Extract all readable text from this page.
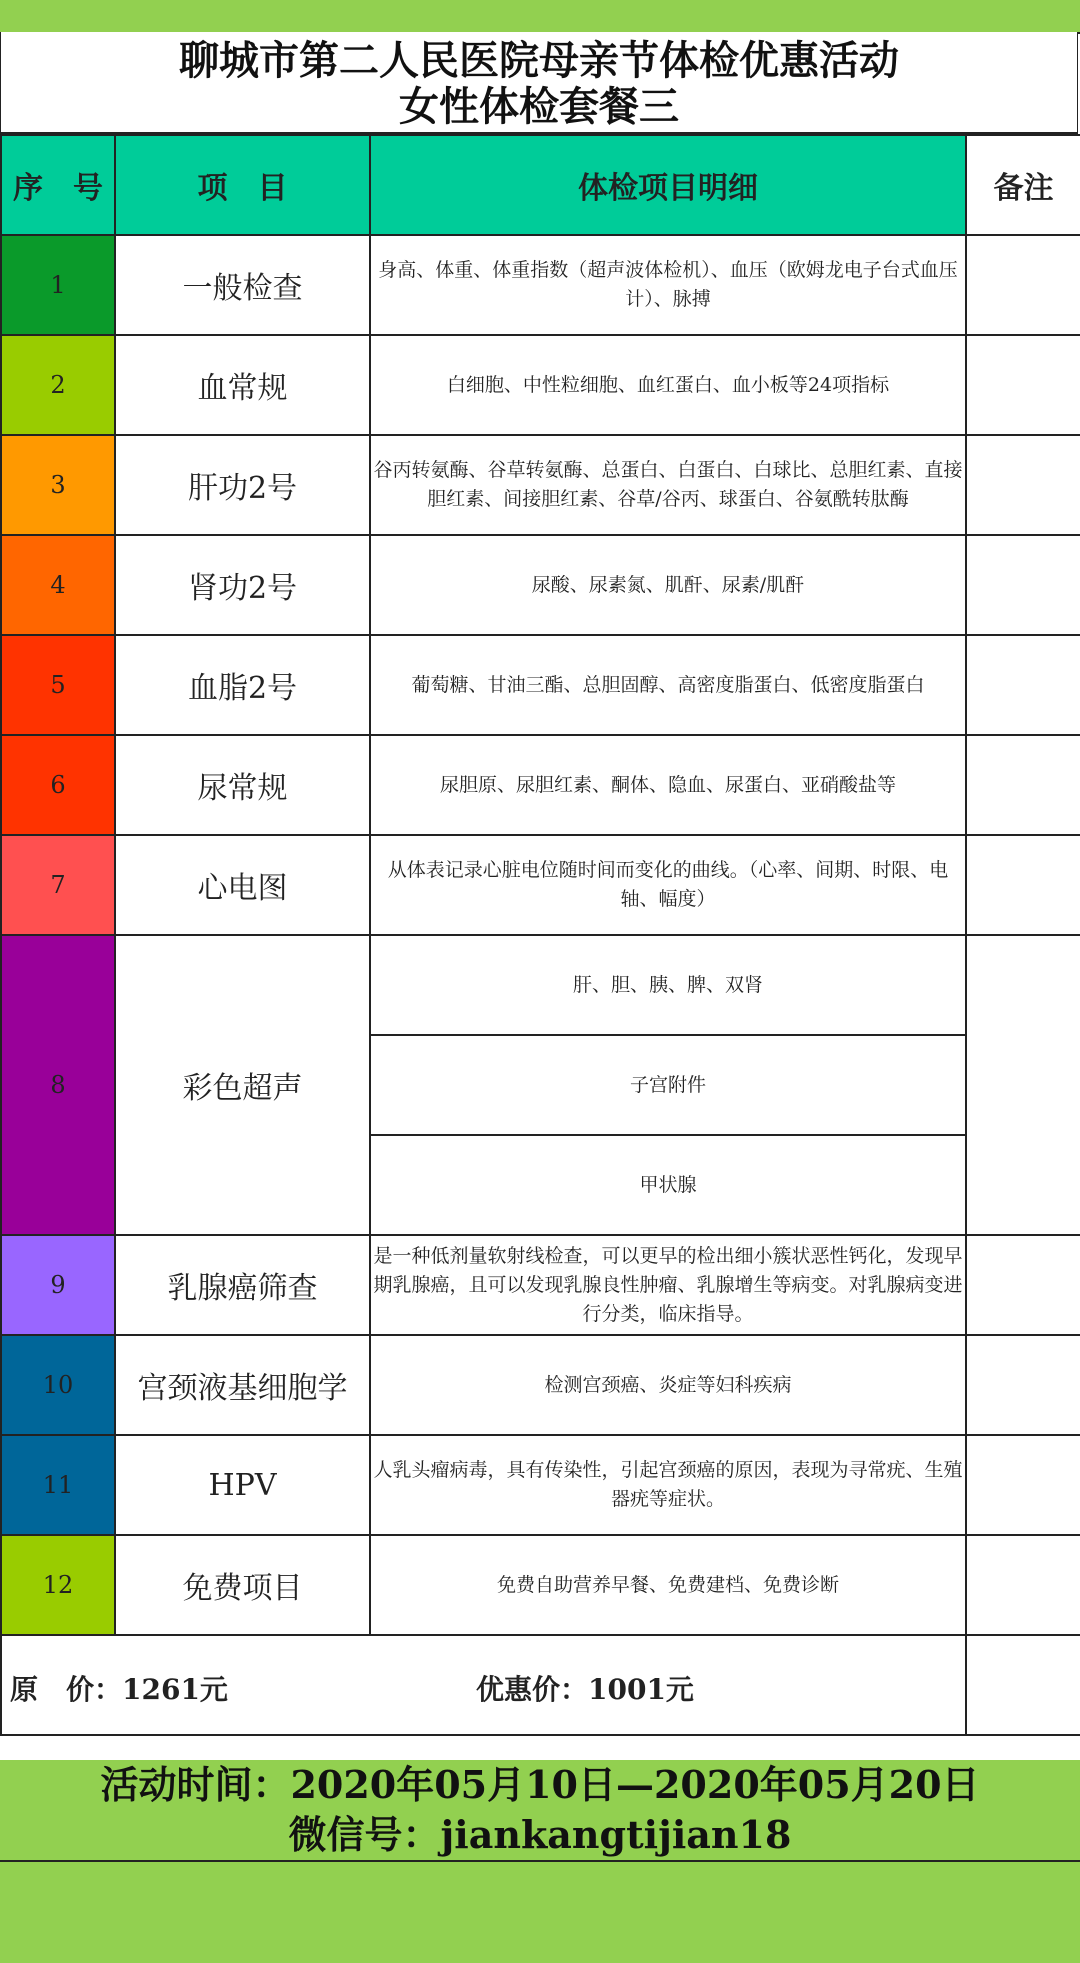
聊城市第二人民医院母亲节体检优惠活动
女性体检套餐三
序　号	项　目	体检项目明细	备注
1	一般检查	身高、体重、体重指数（超声波体检机）、血压（欧姆龙电子台式血压计）、脉搏	
2	血常规	白细胞、中性粒细胞、血红蛋白、血小板等24项指标	
3	肝功2号	谷丙转氨酶、谷草转氨酶、总蛋白、白蛋白、白球比、总胆红素、直接胆红素、间接胆红素、谷草/谷丙、球蛋白、谷氨酰转肽酶	
4	肾功2号	尿酸、尿素氮、肌酐、尿素/肌酐	
5	血脂2号	葡萄糖、甘油三酯、总胆固醇、高密度脂蛋白、低密度脂蛋白	
6	尿常规	尿胆原、尿胆红素、酮体、隐血、尿蛋白、亚硝酸盐等	
7	心电图	从体表记录心脏电位随时间而变化的曲线。（心率、间期、时限、电轴、幅度）	
8	彩色超声	肝、胆、胰、脾、双肾	
		子宫附件	
		甲状腺	
9	乳腺癌筛查	是一种低剂量软射线检查，可以更早的检出细小簇状恶性钙化，发现早期乳腺癌，且可以发现乳腺良性肿瘤、乳腺增生等病变。对乳腺病变进行分类，临床指导。	
10	宫颈液基细胞学	检测宫颈癌、炎症等妇科疾病	
11	HPV	人乳头瘤病毒，具有传染性，引起宫颈癌的原因，表现为寻常疣、生殖器疣等症状。	
12	免费项目	免费自助营养早餐、免费建档、免费诊断	

原　价：1261元 优惠价：1001元			

活动时间：2020年05月10日—2020年05月20日
微信号：jiankangtijian18
